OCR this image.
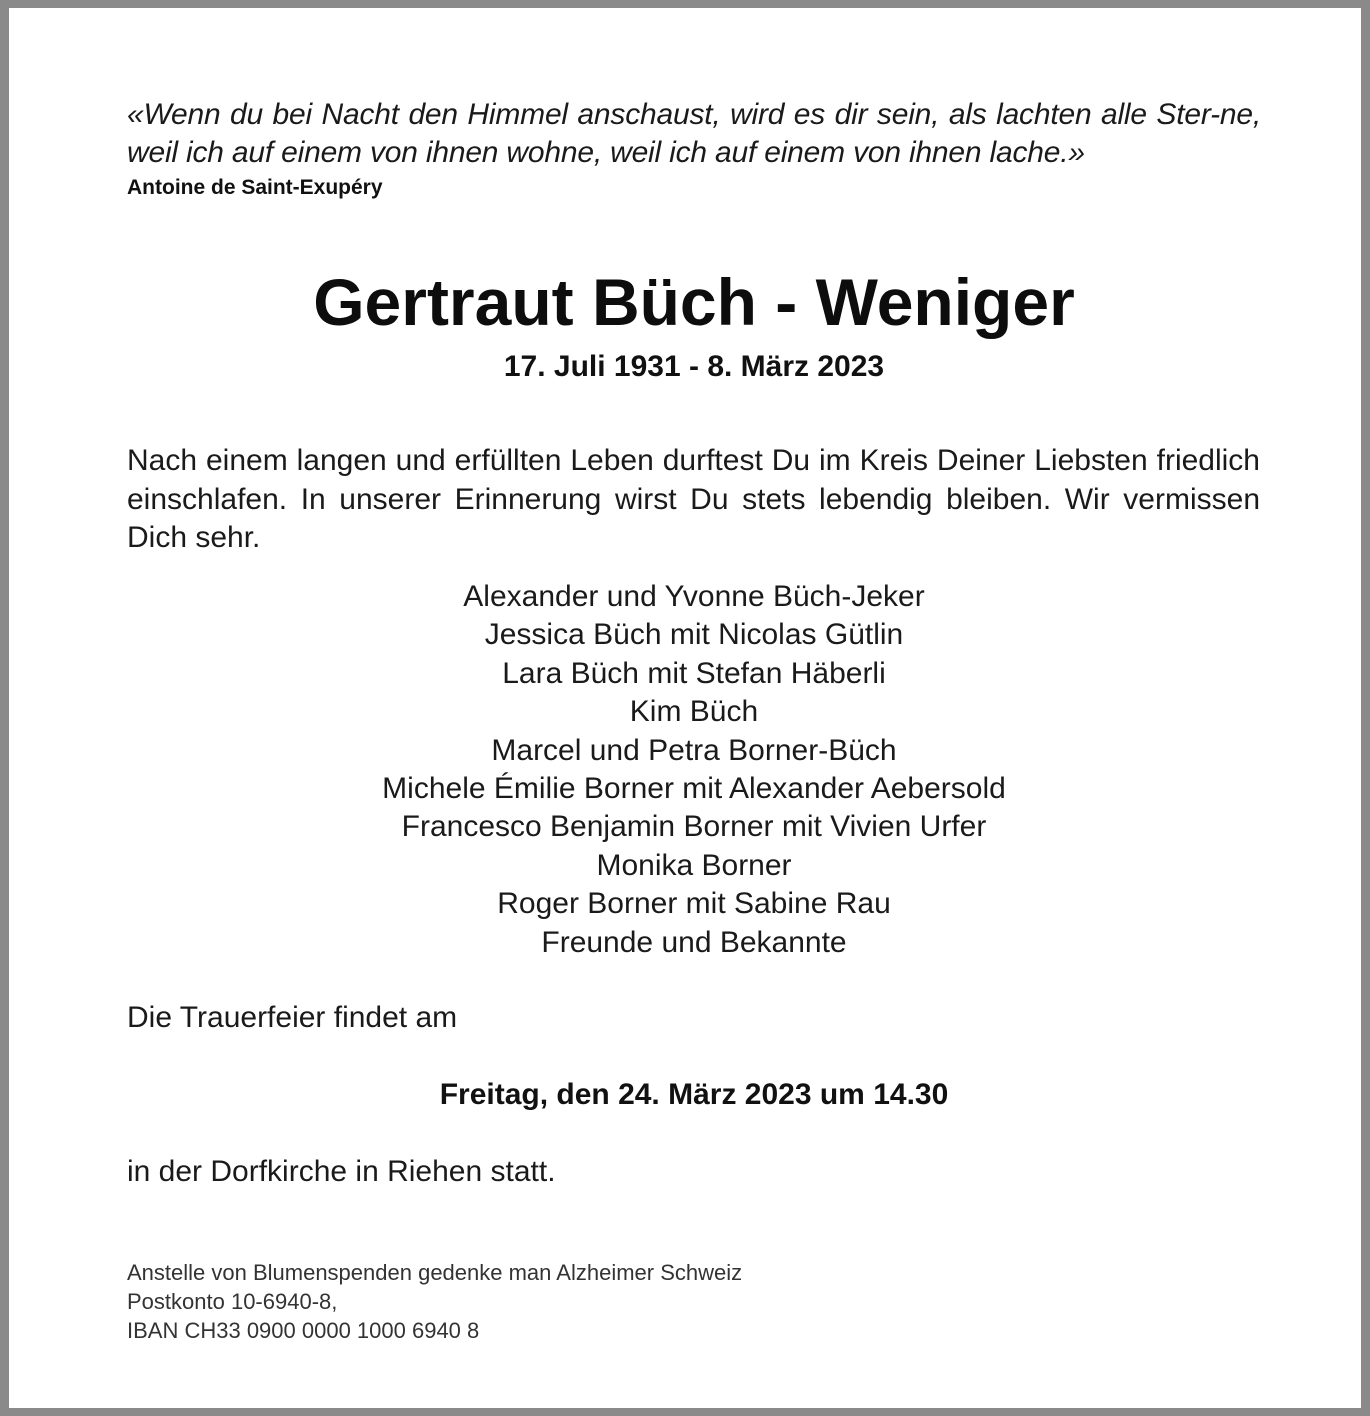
«Wenn du bei Nacht den Himmel anschaust, wird es dir sein, als lachten alle Ster-ne, weil ich auf einem von ihnen wohne, weil ich auf einem von ihnen lache.»
Antoine de Saint-Exupéry
Gertraut Büch - Weniger
17. Juli 1931 - 8. März 2023
Nach einem langen und erfüllten Leben durftest Du im Kreis Deiner Liebsten friedlich einschlafen. In unserer Erinnerung wirst Du stets lebendig bleiben. Wir vermissen Dich sehr.
Alexander und Yvonne Büch-Jeker
Jessica Büch mit Nicolas Gütlin
Lara Büch mit Stefan Häberli
Kim Büch
Marcel und Petra Borner-Büch
Michele Émilie Borner mit Alexander Aebersold
Francesco Benjamin Borner mit Vivien Urfer
Monika Borner
Roger Borner mit Sabine Rau
Freunde und Bekannte
Die Trauerfeier findet am
Freitag, den 24. März 2023 um 14.30
in der Dorfkirche in Riehen statt.
Anstelle von Blumenspenden gedenke man Alzheimer Schweiz
Postkonto 10-6940-8,
IBAN CH33 0900 0000 1000 6940 8
